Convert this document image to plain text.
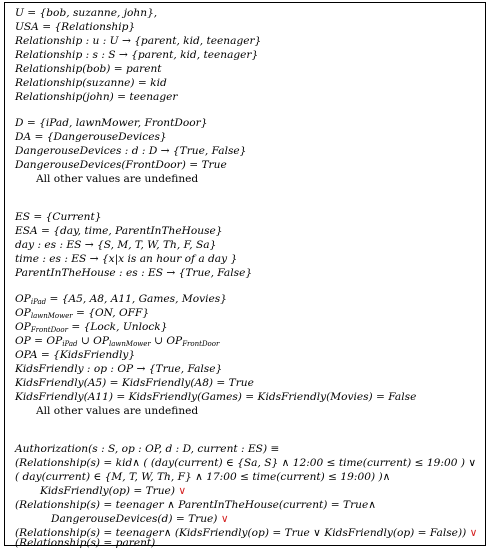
U = {bob, suzanne, john},
USA = {Relationship}
Relationship : u : U → {parent, kid, teenager}
Relationship : s : S → {parent, kid, teenager}
Relationship(bob) = parent
Relationship(suzanne) = kid
Relationship(john) = teenager
D = {iPad, lawnMower, FrontDoor}
DA = {DangerouseDevices}
DangerouseDevices : d : D → {True, False}
DangerouseDevices(FrontDoor) = True
All other values are undefined
ES = {Current}
ESA = {day, time, ParentInTheHouse}
day : es : ES → {S, M, T, W, Th, F, Sa}
time : es : ES → {x|x is an hour of a day }
ParentInTheHouse : es : ES → {True, False}
$OP_{iPad} = \{A5$, A8, A11, Games, Movies}
$OP_{lawnMower} = \{ON$, OFF}
$OP_{FrontDoor}$ = {Lock, Unlock}
OP = $OP_{iPad}$ ∪ $OP_{lawnMower}$ ∪ $OP_{FrontDoor}$
OPA = {KidsFriendly}
KidsFriendly : op : OP → {True, False}
KidsFriendly(A5) = KidsFriendly(A8) = True
KidsFriendly(A11) = KidsFriendly(Games) = KidsFriendly(Movies) = False
All other values are undefined
Authorization(s : S, op : OP, d : D, current : ES) ≡
(Relationship(s) = kid∧ ( (day(current) ∈ {Sa, S} ∧ 12:00 ≤ time(current) ≤ 19:00 ) ∨
( day(current) ∈ {M, T, W, Th, F} ∧ 17:00 ≤ time(current) ≤ 19:00) )∧
KidsFriendly(op) = True) ∨
(Relationship(s) = teenager ∧ ParentInTheHouse(current) = True∧
DangerouseDevices(d) = True) ∨
(Relationship(s) = teenager∧ (KidsFriendly(op) = True ∨ KidsFriendly(op) = False)) ∨
(Relationship(s) = parent)
